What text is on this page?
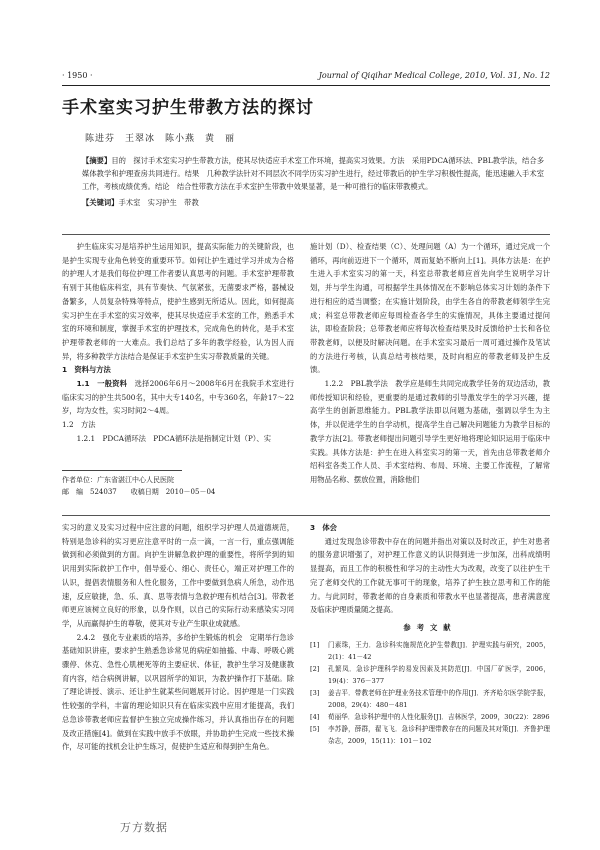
· 1950 ·	Journal of Qiqihar Medical College, 2010, Vol. 31, No. 12
手术室实习护生带教方法的探讨
陈进芬　王翠冰　陈小燕　黄　丽
【摘要】目的　探讨手术室实习护生带教方法，使其尽快适应手术室工作环境，提高实习效果。方法　采用PDCA循环法、PBL教学法，结合多媒体教学和护理查房共同进行。结果　几种教学法针对不同层次不同学历实习护生进行，经过带教后的护生学习积极性提高，能迅速融入手术室工作，考核成绩优秀。结论　结合性带教方法在手术室护生带教中效果显著，是一种可推行的临床带教模式。
【关键词】手术室　实习护生　带教

护生临床实习是培养护生运用知识，提高实际能力的关键阶段，也是护生实现专业角色转变的重要环节。如何让护生通过学习并成为合格的护理人才是我们每位护理工作者要认真思考的问题。手术室护理带教有别于其他临床科室，具有节奏快、气氛紧张，无菌要求严格，器械设备繁多，人员复杂特殊等特点，使护生感到无所适从。因此，如何提高实习护生在手术室的实习效率，使其尽快适应手术室的工作，熟悉手术室的环境和制度，掌握手术室的护理技术，完成角色的转化，是手术室护理带教老师的一大难点。我们总结了多年的教学经验，认为因人而异，将多种教学方法结合是保证手术室护生实习带教质量的关键。

1　资料与方法

1.1　一般资料　 选择2006年6月～2008年6月在我院手术室进行临床实习的护生共500名，其中大专140名，中专360名，年龄17～22岁，均为女性，实习时间2～4周。

1.2　方法

1.2.1　PDCA循环法　PDCA循环法是指制定计划（P）、实

作者单位：广东省湛江中心人民医院
邮　编　524037　　收稿日期　2010－05－04

施计划（D）、检查结果（C）、处理问题（A）为一个循环，通过完成一个循环，再向前迈进下一个循环，周而复始不断向上[1]。具体方法是：在护生进入手术室实习的第一天，科室总带教老师应首先向学生说明学习计划，并与学生沟通，可根据学生具体情况在不影响总体实习计划的条件下进行相应的适当调整；在实施计划阶段，由学生各自的带教老师领学生完成；科室总带教老师应每周检查各学生的实施情况，具体主要通过提问法，即检查阶段；总带教老师应将每次检查结果及时反馈给护士长和各位带教老师，以便及时解决问题。在手术室实习最后一周可通过操作及笔试的方法进行考核，认真总结考核结果，及时向相应的带教老师及护生反馈。

1.2.2　PBL教学法　教学应是师生共同完成教学任务的双边活动，教师传授知识和经验，更重要的是通过教师的引导激发学生的学习兴趣，提高学生的创新思维能力。PBL教学法即以问题为基础，强调以学生为主体，并以促进学生的自学动机，提高学生自己解决问题能力为教学目标的教学方法[2]。带教老师提出问题引导学生更好地将理论知识运用于临床中实践。具体方法是：护生在进入科室实习的第一天，首先由总带教老师介绍科室各类工作人员、手术室结构、布局、环境、主要工作流程，了解常用物品名称、摆放位置，消除他们

实习的意义及实习过程中应注意的问题，组织学习护理人员道德规范，特别是急诊科的实习更应注意平时的一点一滴，一言一行，重点强调能做到和必须做到的方面。向护生讲解急救护理的重要性，将所学到的知识用到实际救护工作中，倡导爱心、细心、责任心，端正对护理工作的认识，提倡表情服务和人性化服务，工作中要做到急病人所急，动作迅速，反应敏捷，急、乐、真、思等表情与急救护理有机结合[3]。带教老师更应该树立良好的形象，以身作则，以自己的实际行动来感染实习同学，从而赢得护生的尊敬，使其对专业产生职业成就感。

2.4.2　强化专业素质的培养，多给护生锻炼的机会　定期举行急诊基础知识讲座，要求护生熟悉急诊常见的病症如抽搐、中毒、呼吸心跳骤停、休克、急性心肌梗死等的主要症状、体征，教护生学习及健康教育内容，结合病例讲解，以巩固所学的知识，为教护操作打下基础。除了理论讲授、演示、还让护生就某些问题展开讨论。因护理是一门实践性较强的学科，丰富的理论知识只有在临床实践中应用才能提高，我们总急诊带教老师应监督护生独立完成操作练习，并认真指出存在的问题及改正措施[4]。做到在实践中放手不放眼，并协助护生完成一些技术操作，尽可能的找机会让护生练习，促使护生适应和得到护生角色。

3　体会

通过发现急诊带教中存在的问题并指出对策以及时改正，护生对患者的服务意识增强了，对护理工作意义的认识得到进一步加深，出科成绩明显提高，而且工作的积极性和学习的主动性大为改观，改变了以往护生干完了老师交代的工作就无事可干的现象，培养了护生独立思考和工作的能力。与此同时，带教老师的自身素质和带教水平也显著提高，患者满意度及临床护理质量随之提高。

参考文献
[1]	门素珠，王力．急诊科实施规范化护生带教[J]．护理实践与研究，2005，2(1)：41－42
[2]	孔繁凤．急诊护理科学的易发因素及其防范[J]．中国厂矿医学，2006，19(4)：376－377
[3]	姜吉平．带教老师在护理业务技术管理中的作用[J]．齐齐哈尔医学院学报，2008，29(4)：480－481
[4]	荀丽华．急诊科护理中的人性化服务[J]．吉林医学，2009，30(22)：2896
[5]	李苏静，薛群，翟飞飞．急诊科护理带教存在的问题及其对策[J]．齐鲁护理杂志，2009，15(11)：101－102
万方数据
